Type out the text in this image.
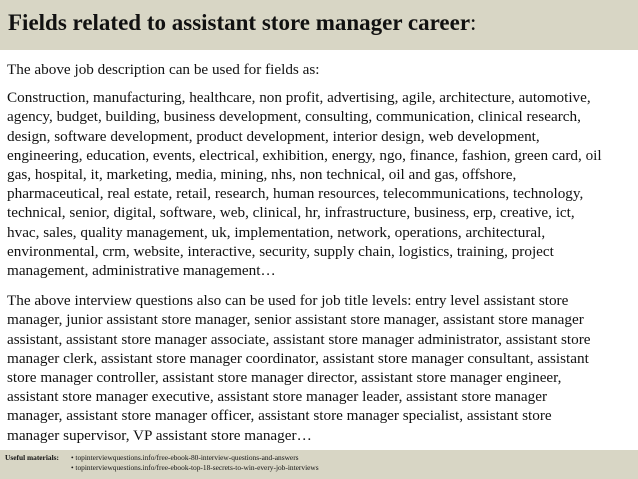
Fields related to assistant store manager career:
The above job description can be used for fields as:
Construction, manufacturing, healthcare, non profit, advertising, agile, architecture, automotive,
agency, budget, building, business development, consulting, communication, clinical research,
design, software development, product development, interior design, web development,
engineering, education, events, electrical, exhibition, energy, ngo, finance, fashion, green card, oil
gas, hospital, it, marketing, media, mining, nhs, non technical, oil and gas, offshore,
pharmaceutical, real estate, retail, research, human resources, telecommunications, technology,
technical, senior, digital, software, web, clinical, hr, infrastructure, business, erp, creative, ict,
hvac, sales, quality management, uk, implementation, network, operations, architectural,
environmental, crm, website, interactive, security, supply chain, logistics, training, project
management, administrative management…
The above interview questions also can be used for job title levels: entry level assistant store
manager, junior assistant store manager, senior assistant store manager, assistant store manager
assistant, assistant store manager associate, assistant store manager administrator, assistant store
manager clerk, assistant store manager coordinator, assistant store manager consultant, assistant
store manager controller, assistant store manager director, assistant store manager engineer,
assistant store manager executive, assistant store manager leader, assistant store manager
manager, assistant store manager officer, assistant store manager specialist, assistant store
manager supervisor, VP assistant store manager…
Useful materials: • topinterviewquestions.info/free-ebook-80-interview-questions-and-answers
• topinterviewquestions.info/free-ebook-top-18-secrets-to-win-every-job-interviews
